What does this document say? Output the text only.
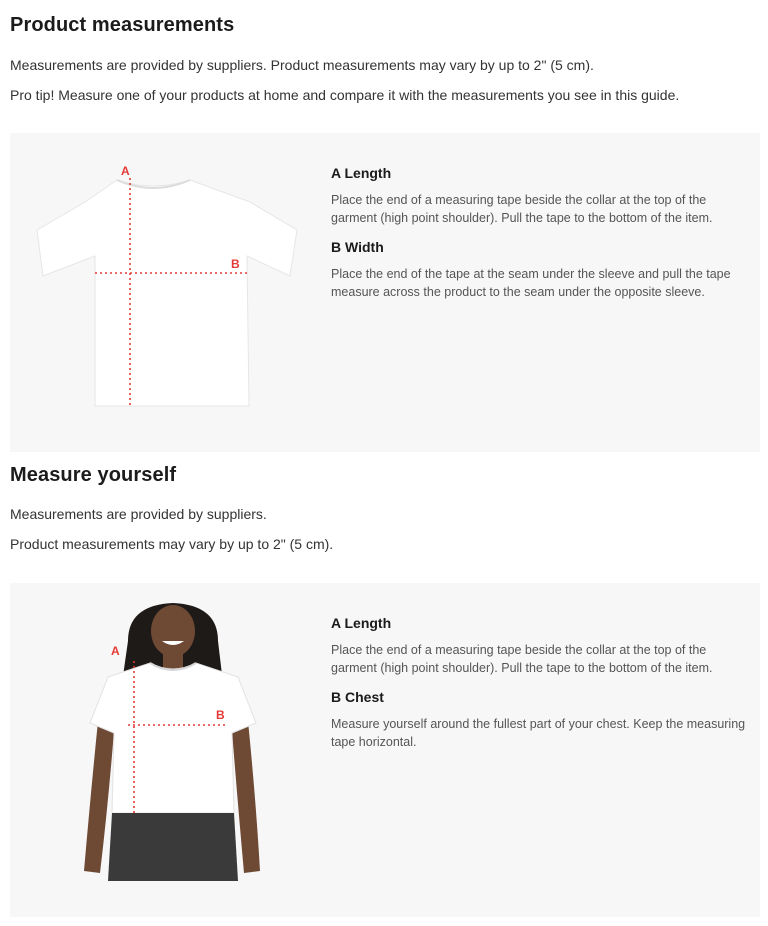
Product measurements

Measurements are provided by suppliers. Product measurements may vary by up to 2" (5 cm).

Pro tip! Measure one of your products at home and compare it with the measurements you see in this guide.

A
B
A Length

Place the end of a measuring tape beside the collar at the top of the garment (high point shoulder). Pull the tape to the bottom of the item.

B Width

Place the end of the tape at the seam under the sleeve and pull the tape measure across the product to the seam under the opposite sleeve.

Measure yourself

Measurements are provided by suppliers.

Product measurements may vary by up to 2" (5 cm).

A
B
A Length

Place the end of a measuring tape beside the collar at the top of the garment (high point shoulder). Pull the tape to the bottom of the item.

B Chest

Measure yourself around the fullest part of your chest. Keep the measuring tape horizontal.
